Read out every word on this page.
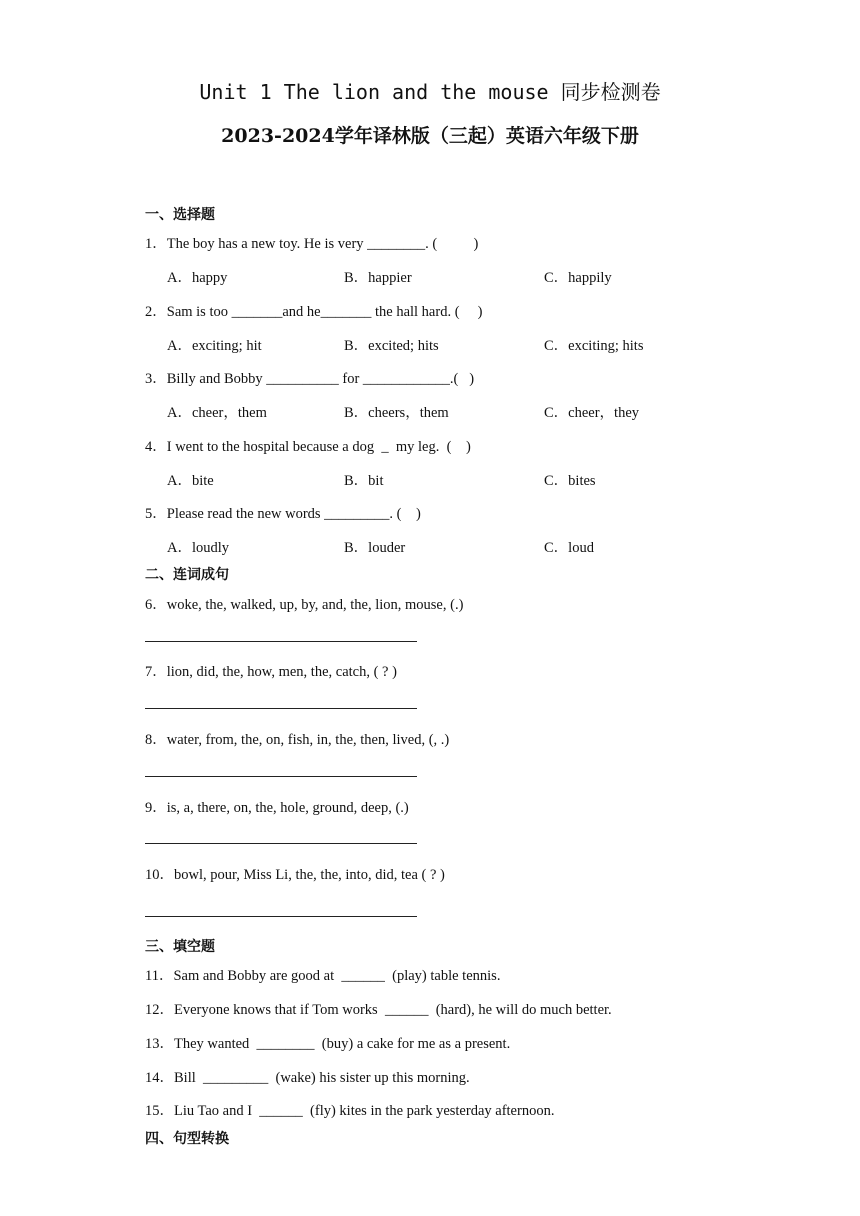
Unit 1 The lion and the mouse 同步检测卷
2023-2024学年译林版（三起）英语六年级下册
一、选择题
1．The boy has a new toy. He is very ________. (          )
A．happy	B．happier	C．happily
2．Sam is too _______and he_______ the hall hard. (     )
A．exciting; hit	B．excited; hits	C．exciting; hits
3．Billy and Bobby __________ for ____________.(   )
A．cheer，them	B．cheers，them	C．cheer，they
4．I went to the hospital because a dog  _  my leg.  (    )
A．bite	B．bit	C．bites
5．Please read the new words _________. (    )
A．loudly	B．louder	C．loud
二、连词成句
6．woke, the, walked, up, by, and, the, lion, mouse, (.)
7．lion, did, the, how, men, the, catch, ( ? )
8．water, from, the, on, fish, in, the, then, lived, (, .)
9．is, a, there, on, the, hole, ground, deep, (.)
10．bowl, pour, Miss Li, the, the, into, did, tea ( ? )
三、填空题
11．Sam and Bobby are good at  ______  (play) table tennis.
12．Everyone knows that if Tom works  ______  (hard), he will do much better.
13．They wanted  ________  (buy) a cake for me as a present.
14．Bill  _________  (wake) his sister up this morning.
15．Liu Tao and I  ______  (fly) kites in the park yesterday afternoon.
四、句型转换
